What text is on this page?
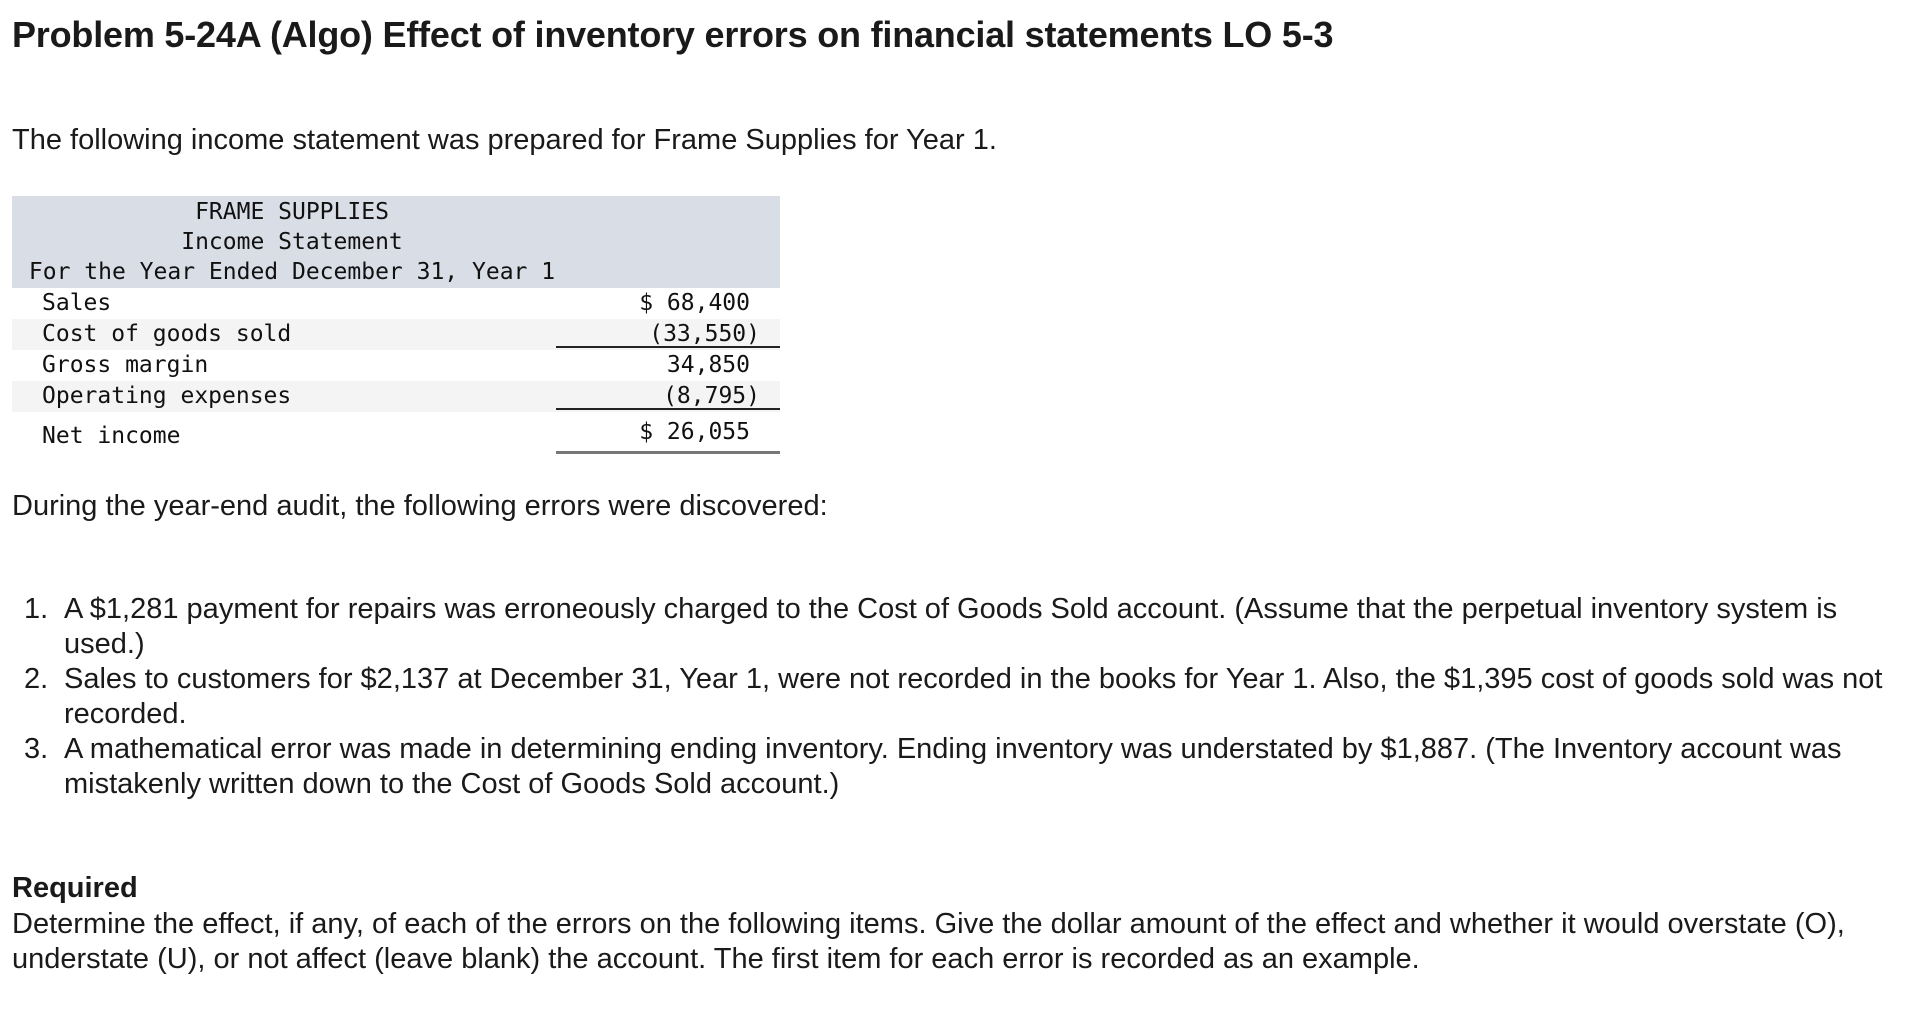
Problem 5-24A (Algo) Effect of inventory errors on financial statements LO 5-3

The following income statement was prepared for Frame Supplies for Year 1.

FRAME SUPPLIES
Income Statement
For the Year Ended December 31, Year 1
Sales	$ 68,400
Cost of goods sold	(33,550)
Gross margin	34,850
Operating expenses	(8,795)
Net income	$ 26,055

During the year-end audit, the following errors were discovered:

1. A $1,281 payment for repairs was erroneously charged to the Cost of Goods Sold account. (Assume that the perpetual inventory system is used.)
2. Sales to customers for $2,137 at December 31, Year 1, were not recorded in the books for Year 1. Also, the $1,395 cost of goods sold was not recorded.
3. A mathematical error was made in determining ending inventory. Ending inventory was understated by $1,887. (The Inventory account was mistakenly written down to the Cost of Goods Sold account.)

Required

Determine the effect, if any, of each of the errors on the following items. Give the dollar amount of the effect and whether it would overstate (O), understate (U), or not affect (leave blank) the account. The first item for each error is recorded as an example.
